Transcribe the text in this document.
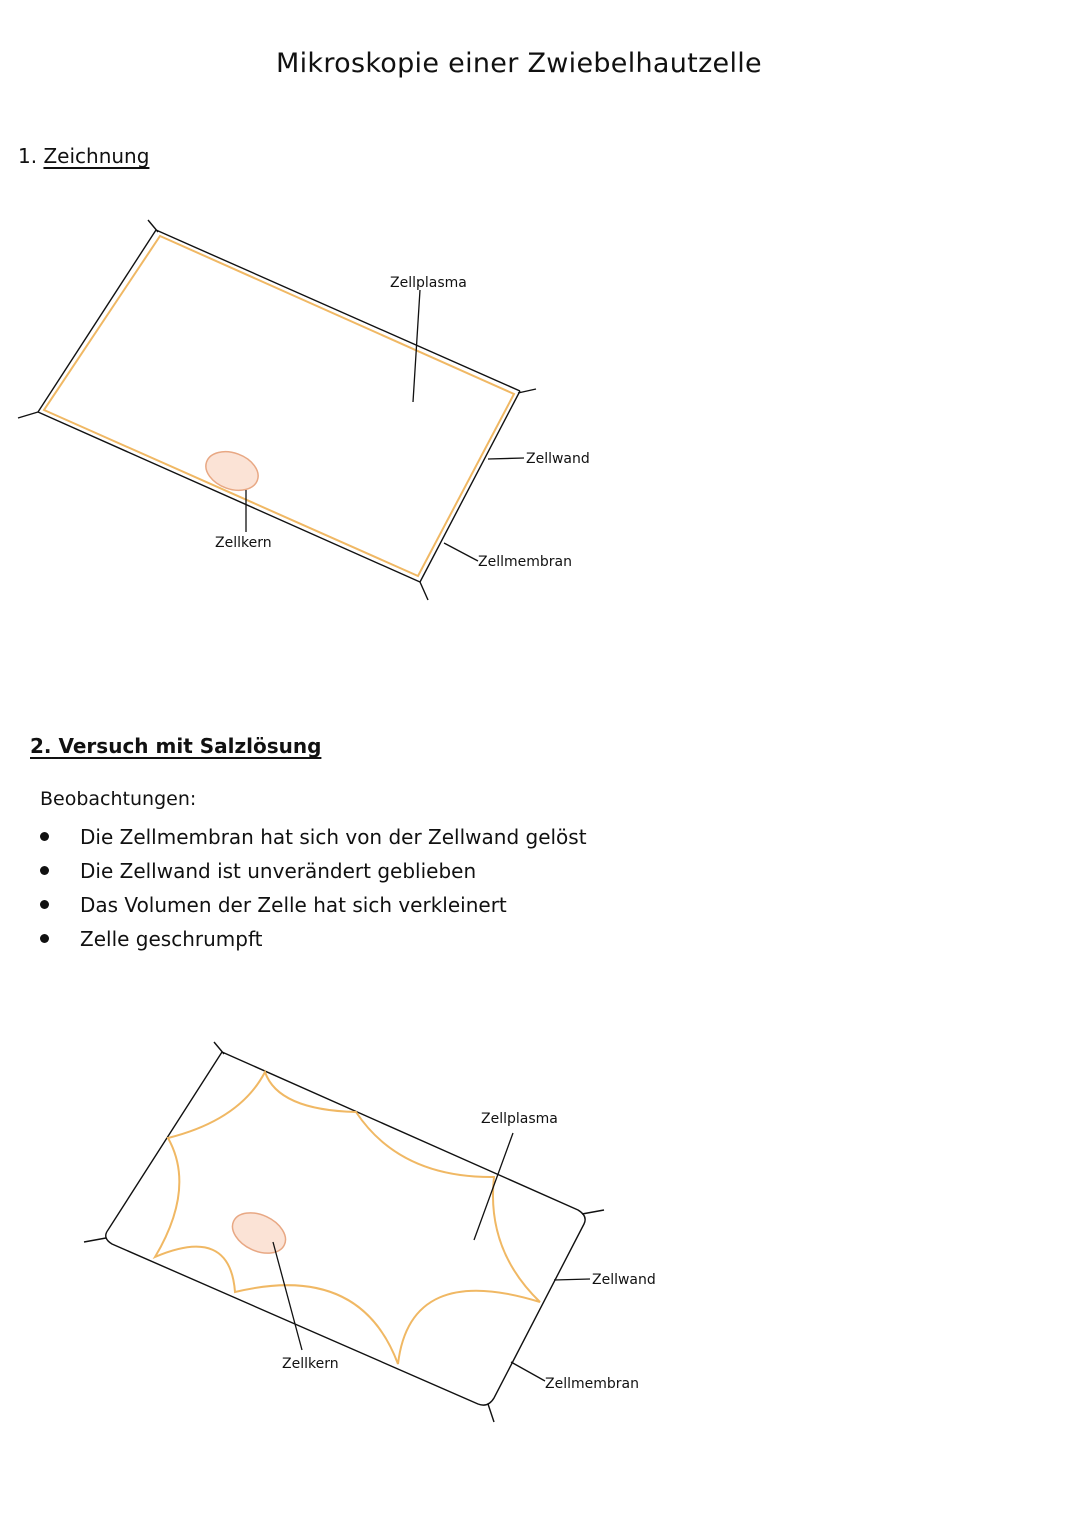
Mikroskopie einer Zwiebelhautzelle
1. Zeichnung
Zellplasma
Zellwand
Zellkern
Zellmembran
2. Versuch mit Salzlösung
Beobachtungen:
Die Zellmembran hat sich von der Zellwand gelöst
Die Zellwand ist unverändert geblieben
Das Volumen der Zelle hat sich verkleinert
Zelle geschrumpft
Zellplasma
Zellwand
Zellkern
Zellmembran
